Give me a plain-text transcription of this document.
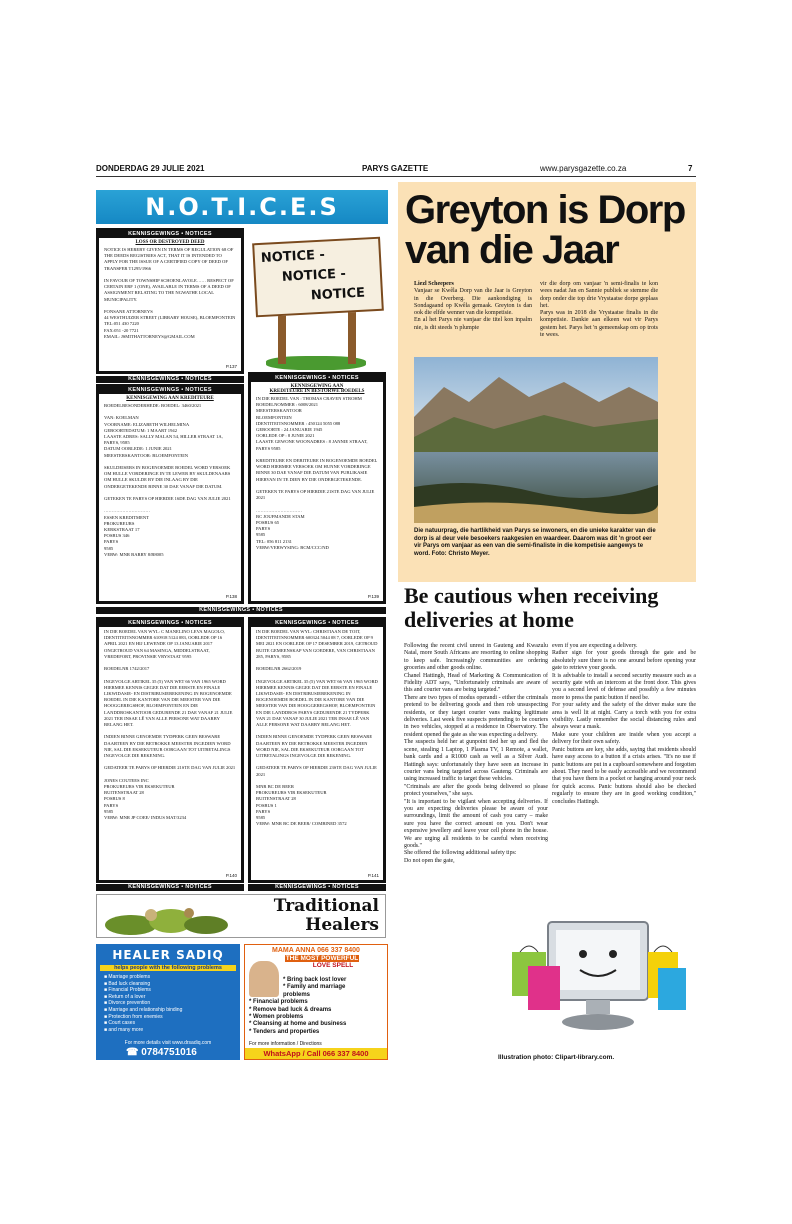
DONDERDAG 29 JULIE 2021	PARYS GAZETTE	www.parysgazette.co.za	7
N.O.T.I.C.E.S
KENNISGEWINGS • NOTICES
LOSS OR DESTROYED DEED
NOTICE IS HEREBY GIVEN IN TERMS OF REGULATION 68 OF THE DEEDS REGISTRIES ACT, THAT IT IS INTENDED TO APPLY FOR THE ISSUE OF A CERTIFIED COPY OF DEED OF TRANSFER T1295/1966

IN FAVOUR OF TOWNSHIP SCHOENLAVOLE…… RESPECT OF CERTAIN ERF 1 (ONE), AVAILABLE IN TERMS OF A DEED OF ASSIGNMENT RELATING TO THE NGWATHE LOCAL MUNICIPALITY.

FONSANE ATTORNEYS
44 WESTHUIZER STREET (LIBRARY HOUSE), BLOEMFONTEIN
TEL:051 430 7220
FAX:051 -20 7721
EMAIL: JSMITHATTORNEYS@GMAIL.COM
P.137
NOTICE -
NOTICE -
NOTICE
KENNISGEWINGS • NOTICES
KENNISGEWINGS • NOTICES
KENNISGEWING AAN KREDITEURE
BOEDELBESONDERHEDE: BOEDEL: 3460/2021

VAN: KOELMAN
VOORNAME: ELIZABETH WILHELMINA
GEBOORTEDATUM: 1 MAART 1942
LAASTE ADRES: SALLY MALAN 54, HILLER STRAAT 1A, PARYS, 9585
DATUM OORLEDE: 1 JUNIE 2021
MEESTERSKANTOOR: BLOEMFONTEIN

SKULDEISERS IN BOGENOEMDE BOEDEL WORD VERSOEK OM HULLE VORDERINGE IN TE LEWER BY SKULDENAARS OM HULLE SKULDE BY DIE INLAAG BY DIE ONDERGETEKENDE BINNE 30 DAE VANAF DIE DATUM.

GETEKEN TE PARYS OP HIERDIE 16DE DAG VAN JULIE 2021

…………………………
ESSEN KREDITMENT
PROKUREURS
KERKSTRAAT 17
POSBUS 346
PARYS
9585
VERW: MNR BARRY 8/B8005
P.138
KENNISGEWINGS • NOTICES
KENNISGEWING AAN
KREDITEURE IN BESTORWE BOEDELS
IN DIE BOEDEL VAN : THOMAS CRAVEN STROHM
BOEDELNOMMER : 6008/2021
MEESTERSKANTOOR
BLOEMFONTEIN
IDENTITEITSNOMMER : 450124 5055 088
GEBOORTE : 24 JANUARIE 1945
OORLEDE OP : 8 JUNIE 2021
LAASTE GEWONE WOONADRES : 8 JANNIE STRAAT, PARYS 9585

KREDITEURE EN DEBITEURE IN BOGENOEMDE BOEDEL WORD HIERMEE VERSOEK OM HUNNE VORDERINGE BINNE 30 DAE VANAF DIE DATUM VAN PUBLIKASIE HIERVAN IN TE DIEN BY DIE ONDERGETEKENDE.

GETEKEN TE PARYS OP HIERDIE 21STE DAG VAN JULIE 2021

…………………………
BC JOUFMANDE STAM
POSBUS 65
PARYS
9585
TEL: 056 811 2131
VERW/VERWYSING: BCM/CCC/ND
P.139
KENNISGEWINGS • NOTICES
KENNISGEWINGS • NOTICES
IN DIE BOEDEL VAN WYL: C MANELINO LEVA MAGOLO, IDENTITEITSNOMMER 610918 5124 083, OORLEDE OP 16 APRIL 2021 EN HIJ LEWENDE OP 13 JANUARIE 2017 ONGETROUD VAN 64 MASINGA, MIDDELSTRAAT, VREDEFORT, PROVINSIE VRYSTAAT 9595

BOEDELNR 1742/2017

INGEVOLGE ARTIKEL 35 (5) VAN WET 66 VAN 1965 WORD HIERMEE KENNIS GEGEE DAT DIE EERSTE EN FINALE LIKWIDASIE- EN DISTRIBUSIEREKENING IN BOGENOEMDE BOEDEL IN DIE KANTORE VAN DIE MEESTER VAN DIE HOOGGEREGSHOF, BLOEMFONTEIN EN DIE LANDDROSKANTOOR GEDURENDE 21 DAE VANAF 21 JULIE 2021 TER INSAE LÊ VAN ALLE PERSONE WAT DAARBY BELANG HET.

INDIEN BINNE GENOEMDE TYDPERK GEEN BESWARE DAARTEEN BY DIE BETROKKE MEESTER INGEDIEN WORD NIE, SAL DIE EKSEKUTEUR OORGAAN TOT UITBETALINGS INGEVOLGE DIE REKENING.

GEDATEER TE PARYS OP HIERDIE 21STE DAG VAN JULIE 2021

JONES COUTEES INC
PROKUREURS VIR EKSEKUTEUR
BUITENSTRAAT 28
POSBUS 8
PARYS
9585
VERW: MNR JP COEE/ INDUS MAT/3234
P.140
KENNISGEWINGS • NOTICES
IN DIE BOEDEL VAN WYL: CHRISTIAAN DE TOIT, IDENTITEITSNOMMER 600324 5044 08 7, OORLEDE OP 9 MEI 2021 EN OORLEDE OP 17 DESEMBER 2019, GETROUD BUITE GEMEENSKAP VAN GOEDERE, VAN CHRISTIAAN 285, PARYS, 9585

BOEDELNR 2662/2019

INGEVOLGE ARTIKEL 35 (5) VAN WET 66 VAN 1965 WORD HIERMEE KENNIS GEGEE DAT DIE EERSTE EN FINALE LIKWIDASIE- EN DISTRIBUSIEREKENING IN BOGENOEMDE BOEDEL IN DIE KANTORE VAN DIE MEESTER VAN DIE HOOGGEREGSHOF, BLOEMFONTEIN EN DIE LANDDROS PARYS GEDURENDE 21 TYDPERK VAN 21 DAE VANAF 30 JULIE 2021 TER INSAE LÊ VAN ALLE PERSONE WAT DAARBY BELANG HET.

INDIEN BINNE GENOEMDE TYDPERK GEEN BESWARE DAARTEEN BY DIE BETROKKE MEESTER INGEDIEN WORD NIE, SAL DIE EKSEKUTEUR OORGAAN TOT UITBETALINGS INGEVOLGE DIE REKENING.

GEDATEER TE PARYS OP HIERDIE 23STE DAG VAN JULIE 2021

MNR BC DE BEER
PROKUREURS VIR EKSEKUTEUR
BUITENSTRAAT 28
POSBUS 1
PARYS
9585
VERW: MNR BC DE BEER/ COMBINED 3572
P.141
KENNISGEWINGS • NOTICES	KENNISGEWINGS • NOTICES
Traditional
Healers
HEALER SADIQ
helps people with the following problems
■ Marriage problems
■ Bad luck cleansing
■ Financial Problems
■ Return of a lover
■ Divorce prevention
■ Marriage and relationship binding
■ Protection from enemies
■ Court cases
■ and many more
For more details visit www.drsadiq.com
☎ 0784751016
MAMA ANNA 066 337 8400
THE MOST POWERFUL
LOVE SPELL
* Bring back lost lover
* Family and marriage
problems
* Financial problems
* Remove bad luck & dreams
* Women problems
* Cleansing at home and business
* Tenders and properties
For more information / Directions
WhatsApp / Call 066 337 8400
Greyton is Dorp van die Jaar
Liezl Scheepers
Vanjaar se Kwêla Dorp van die Jaar is Greyton in die Overberg. Die aankondiging is Sondagaand op Kwêla gemaak. Greyton is dan ook die elfde wenner van die kompetisie.
En al het Parys nie vanjaar die titel kon inpalm nie, is dit steeds 'n plumpie
vir die dorp om vanjaar 'n semi-finalis te kon wees nadat Jan en Sannie publiek se stemme die dorp onder die top drie Vrystaatse dorpe geplaas het.
Parys was in 2018 die Vrystaatse finalis in die kompetisie. Dankie aan elkeen wat vir Parys gestem het. Parys het 'n gemeenskap om op trots te wees.
Die natuurprag, die hartlikheid van Parys se inwoners, en die unieke karakter van die dorp is al deur vele besoekers raakgesien en waardeer. Daarom was dit 'n groot eer vir Parys om vanjaar as een van die semi-finaliste in die kompetisie aangewys te word. Foto: Christo Meyer.
Be cautious when receiving deliveries at home
Following the recent civil unrest in Gauteng and Kwazulu Natal, more South Africans are resorting to online shopping to keep safe. Increasingly communities are ordering groceries and other goods online.
Chanel Hattingh, Head of Marketing & Communication of Fidelity ADT says, "Unfortunately criminals are aware of this and courier vans are being targeted."
There are two types of modus operandi - either the criminals pretend to be delivering goods and then rob unsuspecting residents, or they target courier vans making legitimate deliveries. Last week five suspects pretending to be couriers in two vehicles, stopped at a residence in Observatory. The resident opened the gate as she was expecting a delivery.
The suspects held her at gunpoint tied her up and fled the scene, stealing 1 Laptop, 1 Plasma TV, 1 Remote, a wallet, bank cards and a R1000 cash as well as a Silver Audi. Hattingh says: unfortunately they have seen an increase in courier vans being targeted across Gauteng. Criminals are using increased traffic to target these vehicles.
"Criminals are after the goods being delivered so please protect yourselves," she says.
"It is important to be vigilant when accepting deliveries. If you are expecting deliveries please be aware of your surroundings, limit the amount of cash you carry – make sure you have the correct amount on you. Don't wear expensive jewellery and leave your cell phone in the house. We are urging all residents to be careful when receiving goods."
She offered the following additional safety tips:
Do not open the gate,
even if you are expecting a delivery.
Rather sign for your goods through the gate and be absolutely sure there is no one around before opening your gate to retrieve your goods.
It is advisable to install a second security measure such as a security gate with an intercom at the front door. This gives you a second level of defense and possibly a few minutes more to press the panic button if need be.
For your safety and the safety of the driver make sure the area is well lit at night. Carry a torch with you for extra visibility. Lastly remember the social distancing rules and always wear a mask.
Make sure your children are inside when you accept a delivery for their own safety.
Panic buttons are key, she adds, saying that residents should have easy access to a button if a crisis arises. "It's no use if panic buttons are put in a cupboard somewhere and forgotten about. They need to be easily accessible and we recommend that you have them in a pocket or hanging around your neck for quick access. Panic buttons should also be checked regularly to ensure they are in good working condition," concludes Hattingh.
Illustration photo: Clipart-library.com.
